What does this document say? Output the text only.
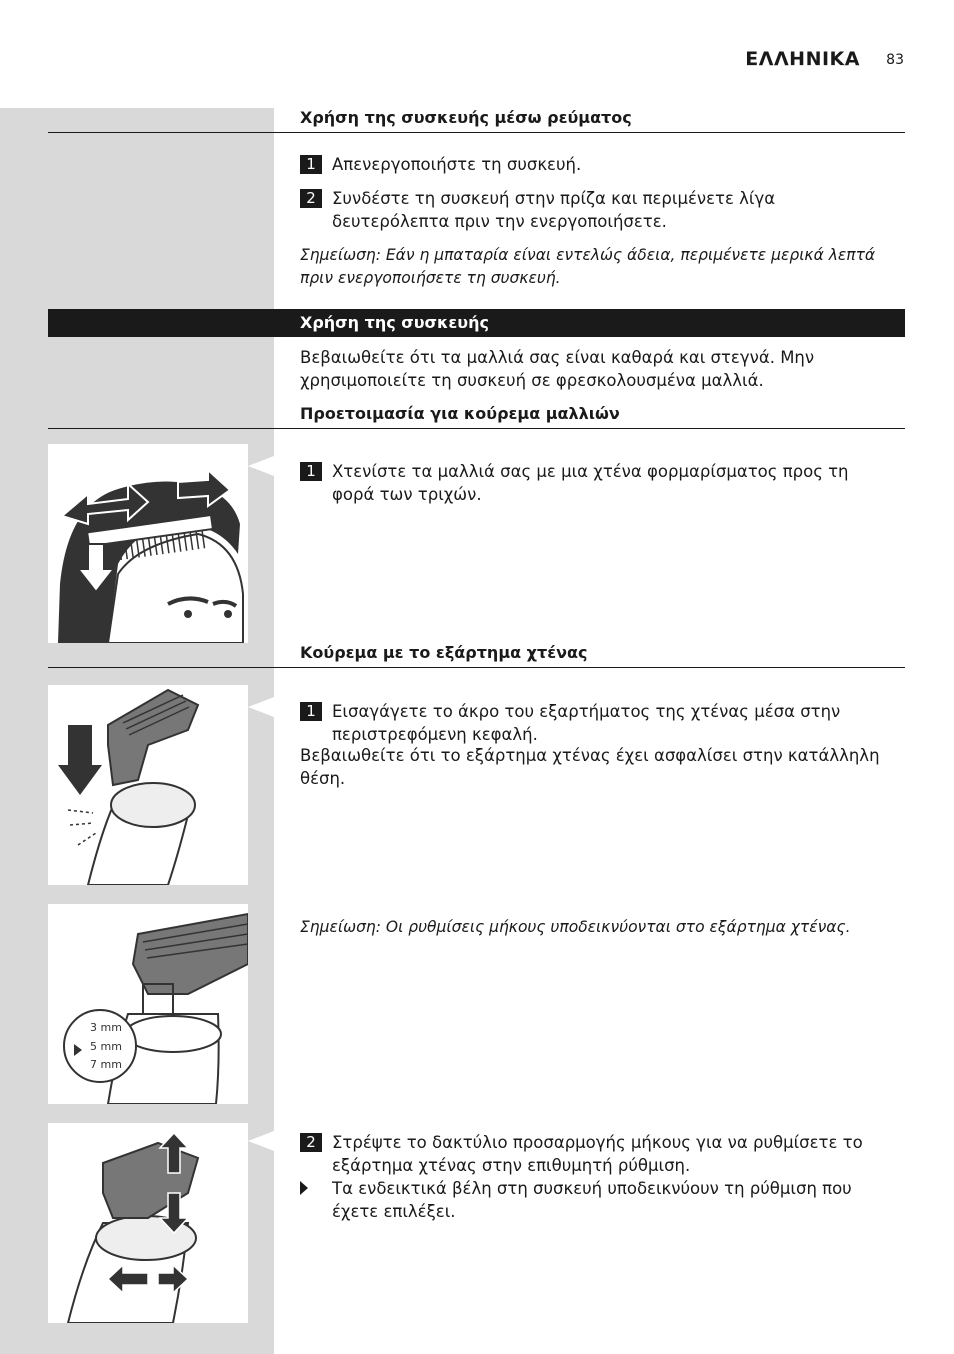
ΕΛΛΗΝΙΚΑ 83
Χρήση της συσκευής μέσω ρεύματος
1 Απενεργοποιήστε τη συσκευή.
2 Συνδέστε τη συσκευή στην πρίζα και περιμένετε λίγα δευτερόλεπτα πριν την ενεργοποιήσετε.
Σημείωση: Εάν η μπαταρία είναι εντελώς άδεια, περιμένετε μερικά λεπτά πριν ενεργοποιήσετε τη συσκευή.
Χρήση της συσκευής
Βεβαιωθείτε ότι τα μαλλιά σας είναι καθαρά και στεγνά. Μην χρησιμοποιείτε τη συσκευή σε φρεσκολουσμένα μαλλιά.
Προετοιμασία για κούρεμα μαλλιών
1 Χτενίστε τα μαλλιά σας με μια χτένα φορμαρίσματος προς τη φορά των τριχών.
Κούρεμα με το εξάρτημα χτένας
1 Εισαγάγετε το άκρο του εξαρτήματος της χτένας μέσα στην περιστρεφόμενη κεφαλή.
Βεβαιωθείτε ότι το εξάρτημα χτένας έχει ασφαλίσει στην κατάλληλη θέση.
3 mm
5 mm
7 mm
Σημείωση: Οι ρυθμίσεις μήκους υποδεικνύονται στο εξάρτημα χτένας.
2 Στρέψτε το δακτύλιο προσαρμογής μήκους για να ρυθμίσετε το εξάρτημα χτένας στην επιθυμητή ρύθμιση.
Τα ενδεικτικά βέλη στη συσκευή υποδεικνύουν τη ρύθμιση που έχετε επιλέξει.
